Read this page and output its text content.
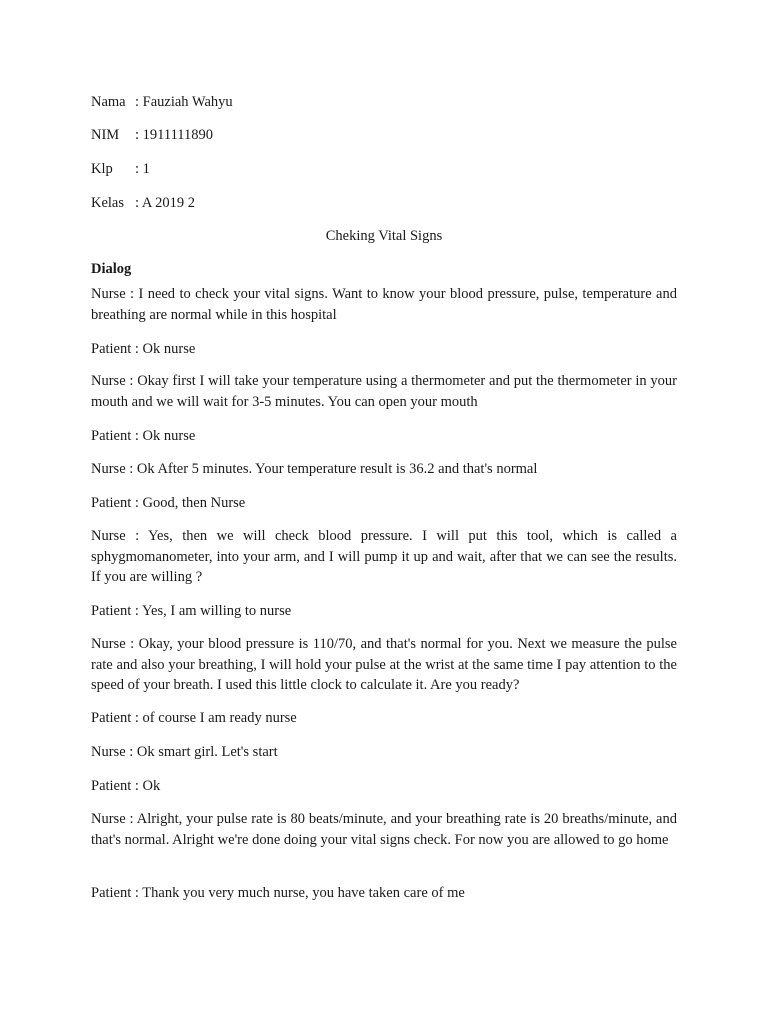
Nama : Fauziah Wahyu
NIM : 1911111890
Klp : 1
Kelas : A 2019 2
Cheking Vital Signs
Dialog

Nurse : I need to check your vital signs. Want to know your blood pressure, pulse, temperature and breathing are normal while in this hospital

Patient : Ok nurse

Nurse : Okay first I will take your temperature using a thermometer and put the thermometer in your mouth and we will wait for 3-5 minutes. You can open your mouth

Patient : Ok nurse

Nurse : Ok After 5 minutes. Your temperature result is 36.2 and that's normal

Patient : Good, then Nurse

Nurse : Yes, then we will check blood pressure. I will put this tool, which is called a sphygmomanometer, into your arm, and I will pump it up and wait, after that we can see the results. If you are willing ?

Patient : Yes, I am willing to nurse

Nurse : Okay, your blood pressure is 110/70, and that's normal for you. Next we measure the pulse rate and also your breathing, I will hold your pulse at the wrist at the same time I pay attention to the speed of your breath. I used this little clock to calculate it. Are you ready?

Patient : of course I am ready nurse

Nurse : Ok smart girl. Let's start

Patient : Ok

Nurse : Alright, your pulse rate is 80 beats/minute, and your breathing rate is 20 breaths/minute, and that's normal. Alright we're done doing your vital signs check. For now you are allowed to go home

Patient : Thank you very much nurse, you have taken care of me
